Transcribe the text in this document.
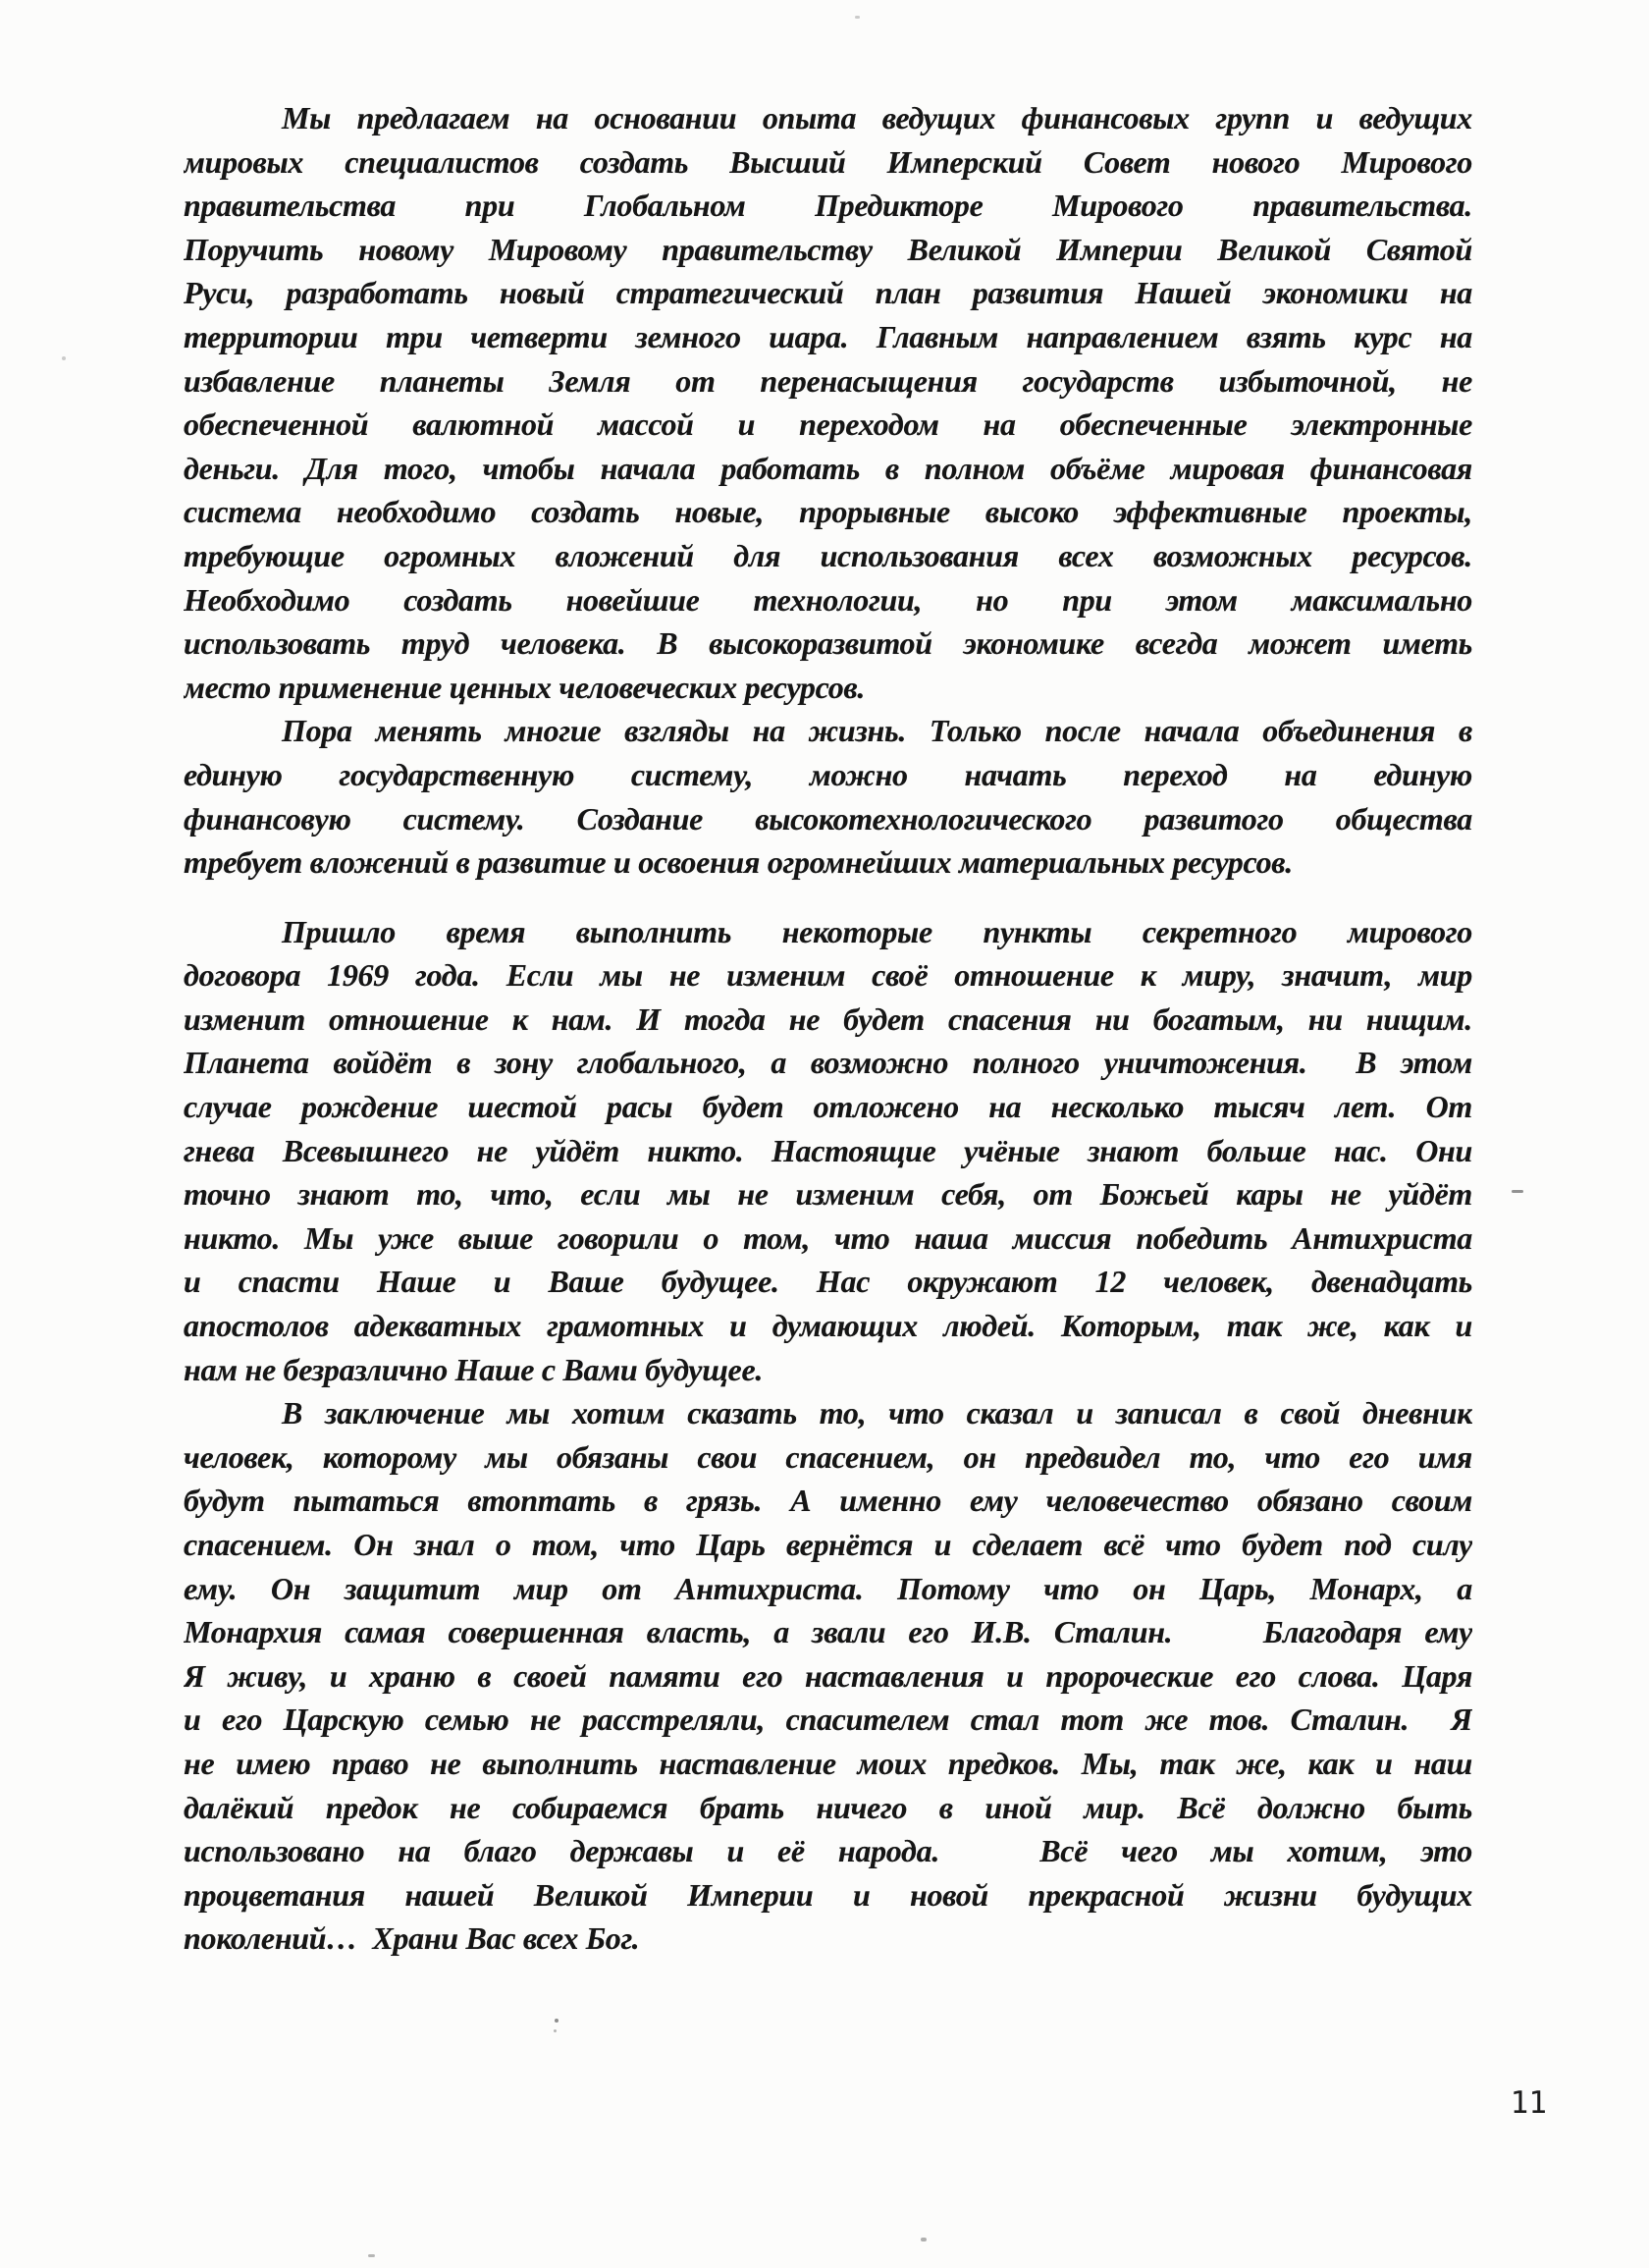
Мы предлагаем на основании опыта ведущих финансовых групп и ведущих
мировых специалистов создать Высший Имперский Совет нового Мирового
правительства при Глобальном Предикторе Мирового правительства.
Поручить новому Мировому правительству Великой Империи Великой Святой
Руси, разработать новый стратегический план развития Нашей экономики на
территории три четверти земного шара. Главным направлением взять курс на
избавление планеты Земля от перенасыщения государств избыточной, не
обеспеченной валютной массой и переходом на обеспеченные электронные
деньги. Для того, чтобы начала работать в полном объёме мировая финансовая
система необходимо создать новые, прорывные высоко эффективные проекты,
требующие огромных вложений для использования всех возможных ресурсов.
Необходимо создать новейшие технологии, но при этом максимально
использовать труд человека. В высокоразвитой экономике всегда может иметь
место применение ценных человеческих ресурсов.
Пора менять многие взгляды на жизнь. Только после начала объединения в
единую государственную систему, можно начать переход на единую
финансовую систему. Создание высокотехнологического развитого общества
требует вложений в развитие и освоения огромнейших материальных ресурсов.
Пришло время выполнить некоторые пункты секретного мирового
договора 1969 года. Если мы не изменим своё отношение к миру, значит, мир
изменит отношение к нам. И тогда не будет спасения ни богатым, ни нищим.
Планета войдёт в зону глобального, а возможно полного уничтожения.  В этом
случае рождение шестой расы будет отложено на несколько тысяч лет. От
гнева Всевышнего не уйдёт никто. Настоящие учёные знают больше нас. Они
точно знают то, что, если мы не изменим себя, от Божьей кары не уйдёт
никто. Мы уже выше говорили о том, что наша миссия победить Антихриста
и спасти Наше и Ваше будущее. Нас окружают 12 человек, двенадцать
апостолов адекватных грамотных и думающих людей. Которым, так же, как и
нам не безразлично Наше с Вами будущее.
В заключение мы хотим сказать то, что сказал и записал в свой дневник
человек, которому мы обязаны свои спасением, он предвидел то, что его имя
будут пытаться втоптать в грязь. А именно ему человечество обязано своим
спасением. Он знал о том, что Царь вернётся и сделает всё что будет под силу
ему. Он защитит мир от Антихриста. Потому что он Царь, Монарх, а
Монархия самая совершенная власть, а звали его И.В. Сталин.    Благодаря ему
Я живу, и храню в своей памяти его наставления и пророческие его слова. Царя
и его Царскую семью не расстреляли, спасителем стал тот же тов. Сталин.  Я
не имею право не выполнить наставление моих предков. Мы, так же, как и наш
далёкий предок не собираемся брать ничего в иной мир. Всё должно быть
использовано на благо державы и её народа.   Всё чего мы хотим, это
процветания нашей Великой Империи и новой прекрасной жизни будущих
поколений…  Храни Вас всех Бог.
11
